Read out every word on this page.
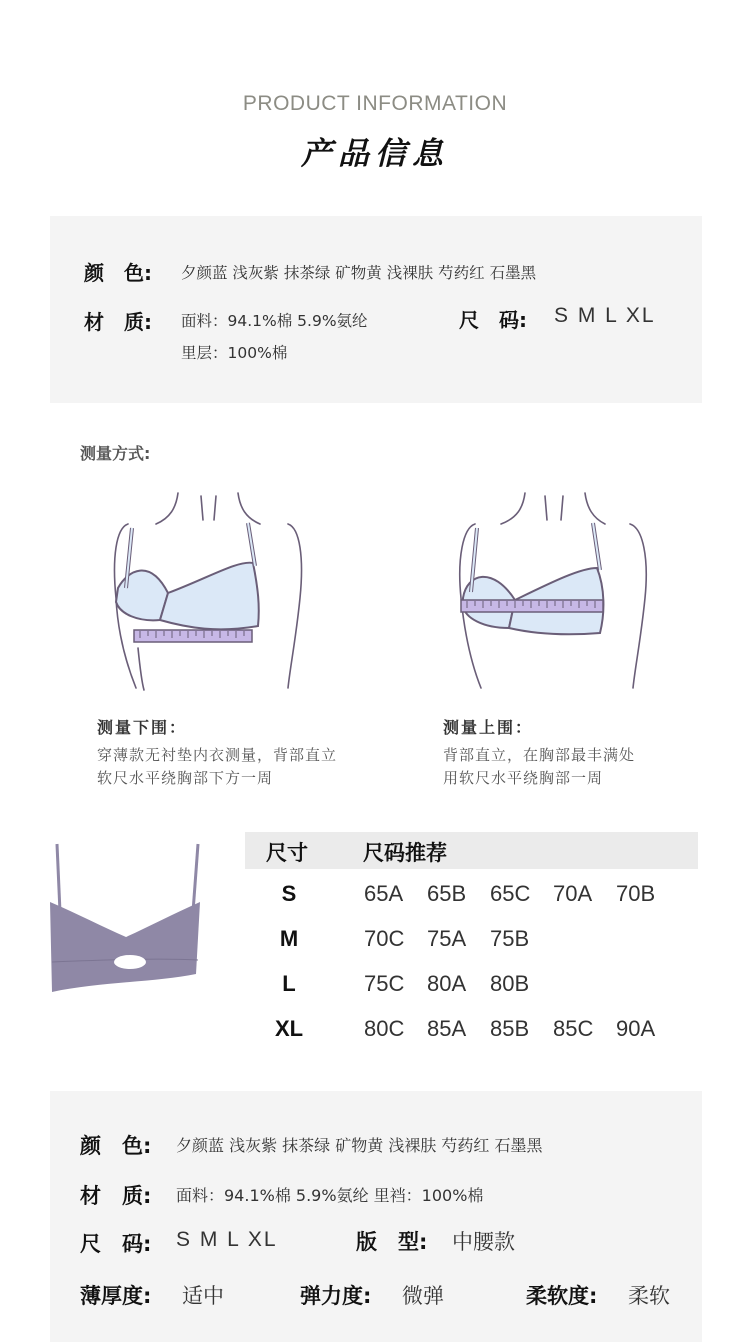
PRODUCT INFORMATION
产品信息
颜　色: 夕颜蓝 浅灰紫 抹茶绿 矿物黄 浅裸肤 芍药红 石墨黑
材　质: 面料：94.1%棉 5.9%氨纶
里层：100%棉
尺　码: S M L XL
测量方式:
测量下围：
穿薄款无衬垫内衣测量，背部直立
软尺水平绕胸部下方一周
测量上围：
背部直立，在胸部最丰满处
用软尺水平绕胸部一周
尺寸	尺码推荐
S	65A 65B 65C 70A 70B
M	70C 75A 75B
L	75C 80A 80B
XL	80C 85A 85B 85C 90A
颜　色: 夕颜蓝 浅灰紫 抹茶绿 矿物黄 浅裸肤 芍药红 石墨黑
材　质: 面料：94.1%棉 5.9%氨纶 里裆：100%棉
尺　码: S M L XL	版　型: 中腰款
薄厚度: 适中	弹力度: 微弹	柔软度: 柔软
